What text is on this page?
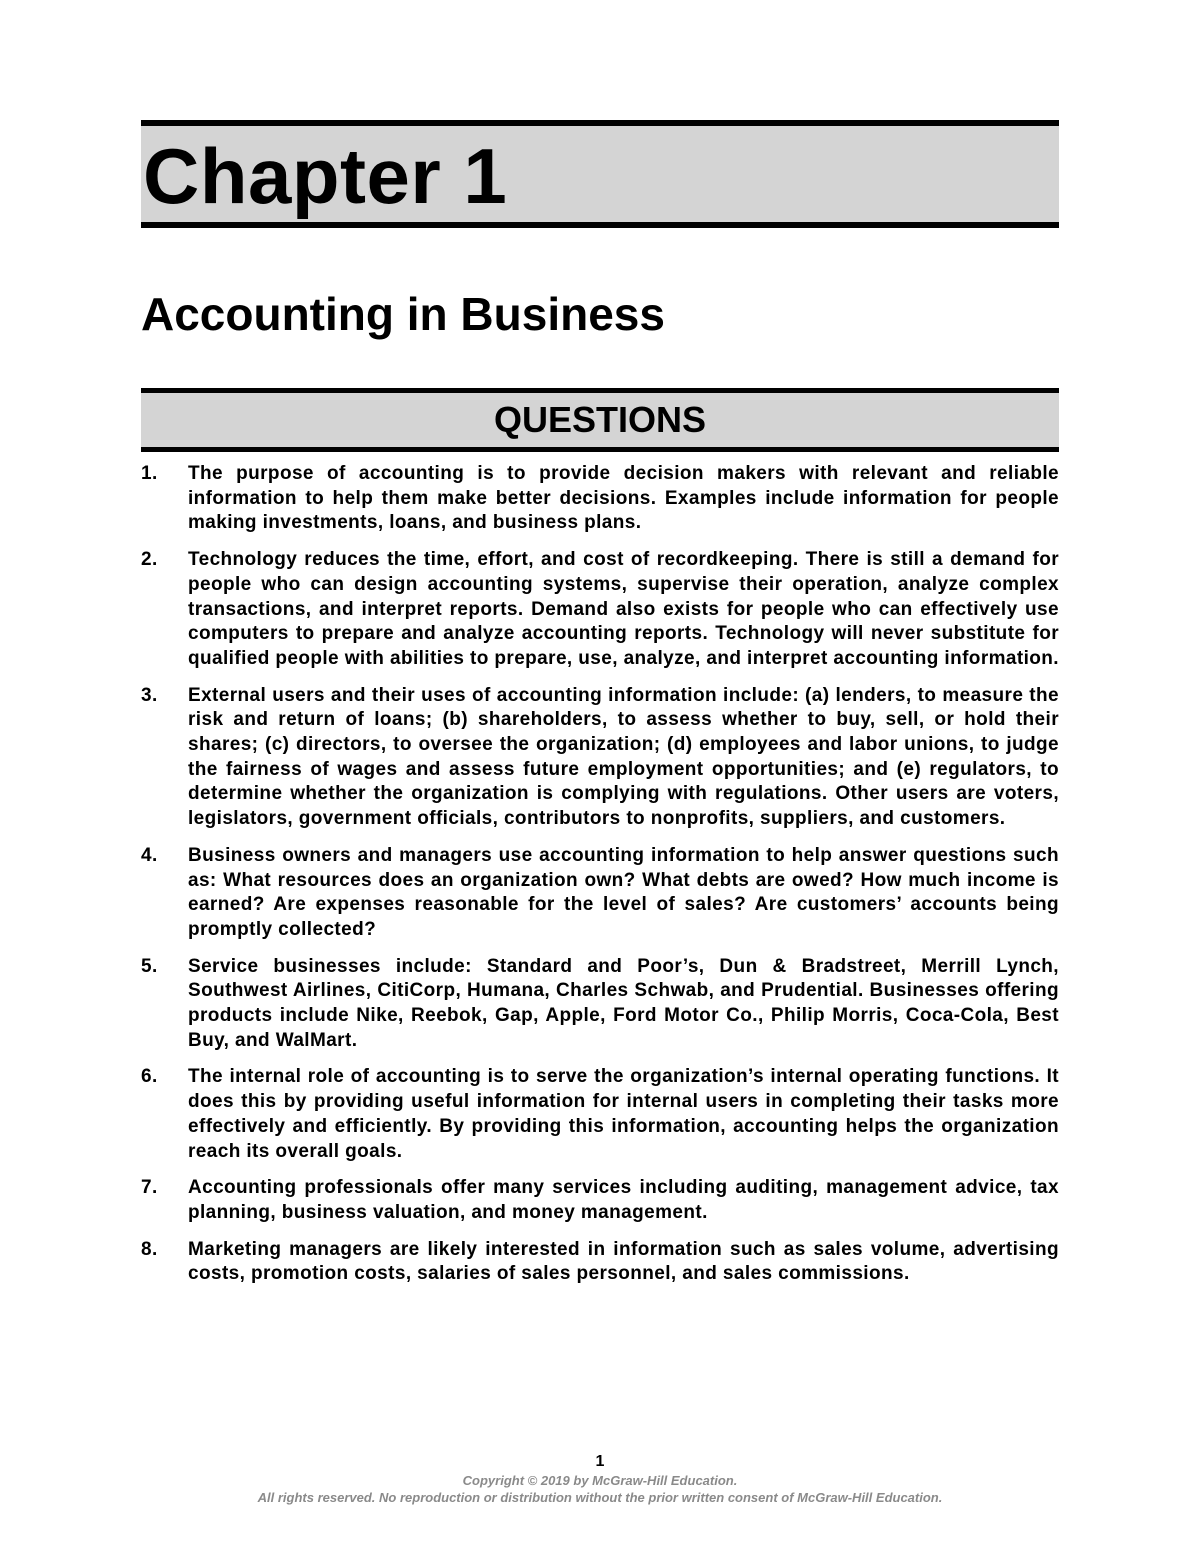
Chapter 1
Accounting in Business
QUESTIONS
1. The purpose of accounting is to provide decision makers with relevant and reliable information to help them make better decisions. Examples include information for people making investments, loans, and business plans.
2. Technology reduces the time, effort, and cost of recordkeeping. There is still a demand for people who can design accounting systems, supervise their operation, analyze complex transactions, and interpret reports. Demand also exists for people who can effectively use computers to prepare and analyze accounting reports. Technology will never substitute for qualified people with abilities to prepare, use, analyze, and interpret accounting information.
3. External users and their uses of accounting information include: (a) lenders, to measure the risk and return of loans; (b) shareholders, to assess whether to buy, sell, or hold their shares; (c) directors, to oversee the organization; (d) employees and labor unions, to judge the fairness of wages and assess future employment opportunities; and (e) regulators, to determine whether the organization is complying with regulations. Other users are voters, legislators, government officials, contributors to nonprofits, suppliers, and customers.
4. Business owners and managers use accounting information to help answer questions such as: What resources does an organization own? What debts are owed? How much income is earned? Are expenses reasonable for the level of sales? Are customers’ accounts being promptly collected?
5. Service businesses include: Standard and Poor’s, Dun & Bradstreet, Merrill Lynch, Southwest Airlines, CitiCorp, Humana, Charles Schwab, and Prudential. Businesses offering products include Nike, Reebok, Gap, Apple, Ford Motor Co., Philip Morris, Coca-Cola, Best Buy, and WalMart.
6. The internal role of accounting is to serve the organization’s internal operating functions. It does this by providing useful information for internal users in completing their tasks more effectively and efficiently. By providing this information, accounting helps the organization reach its overall goals.
7. Accounting professionals offer many services including auditing, management advice, tax planning, business valuation, and money management.
8. Marketing managers are likely interested in information such as sales volume, advertising costs, promotion costs, salaries of sales personnel, and sales commissions.
1
Copyright © 2019 by McGraw-Hill Education.
All rights reserved. No reproduction or distribution without the prior written consent of McGraw-Hill Education.
